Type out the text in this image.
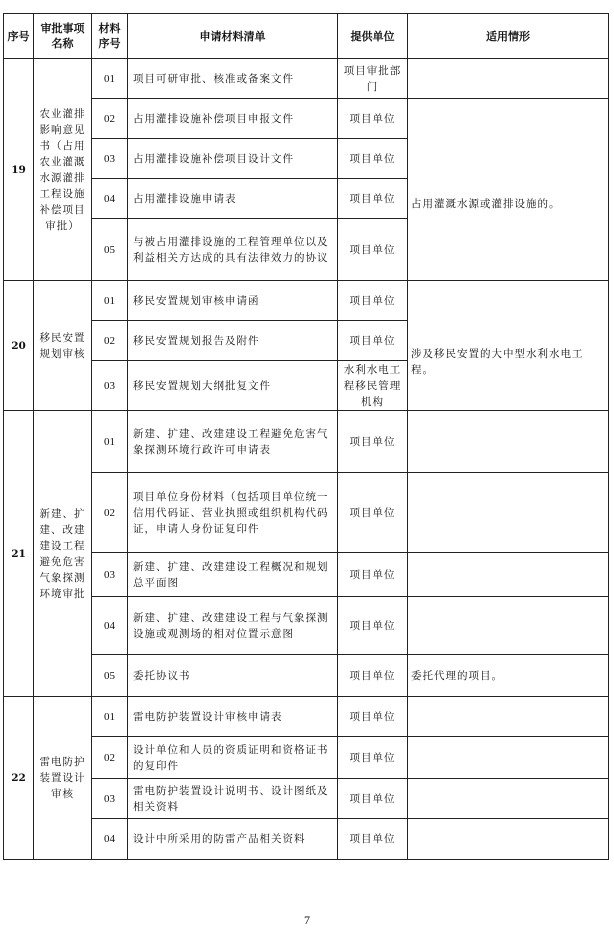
序号	审批事项名称	材料序号	申请材料清单	提供单位	适用情形
19	农业灌排影响意见书（占用农业灌溉水源灌排工程设施补偿项目审批）	01	项目可研审批、核准或备案文件	项目审批部门	
		02	占用灌排设施补偿项目申报文件	项目单位	占用灌溉水源或灌排设施的。
		03	占用灌排设施补偿项目设计文件	项目单位	
		04	占用灌排设施申请表	项目单位	
		05	与被占用灌排设施的工程管理单位以及利益相关方达成的具有法律效力的协议	项目单位	
20	移民安置规划审核	01	移民安置规划审核申请函	项目单位	涉及移民安置的大中型水利水电工程。
		02	移民安置规划报告及附件	项目单位	
		03	移民安置规划大纲批复文件	水利水电工程移民管理机构	
21	新建、扩建、改建建设工程避免危害气象探测环境审批	01	新建、扩建、改建建设工程避免危害气象探测环境行政许可申请表	项目单位	
		02	项目单位身份材料（包括项目单位统一信用代码证、营业执照或组织机构代码证，申请人身份证复印件	项目单位	
		03	新建、扩建、改建建设工程概况和规划总平面图	项目单位	
		04	新建、扩建、改建建设工程与气象探测设施或观测场的相对位置示意图	项目单位	
		05	委托协议书	项目单位	委托代理的项目。
22	雷电防护装置设计审核	01	雷电防护装置设计审核申请表	项目单位	
		02	设计单位和人员的资质证明和资格证书的复印件	项目单位	
		03	雷电防护装置设计说明书、设计图纸及相关资料	项目单位	
		04	设计中所采用的防雷产品相关资料	项目单位	
7
